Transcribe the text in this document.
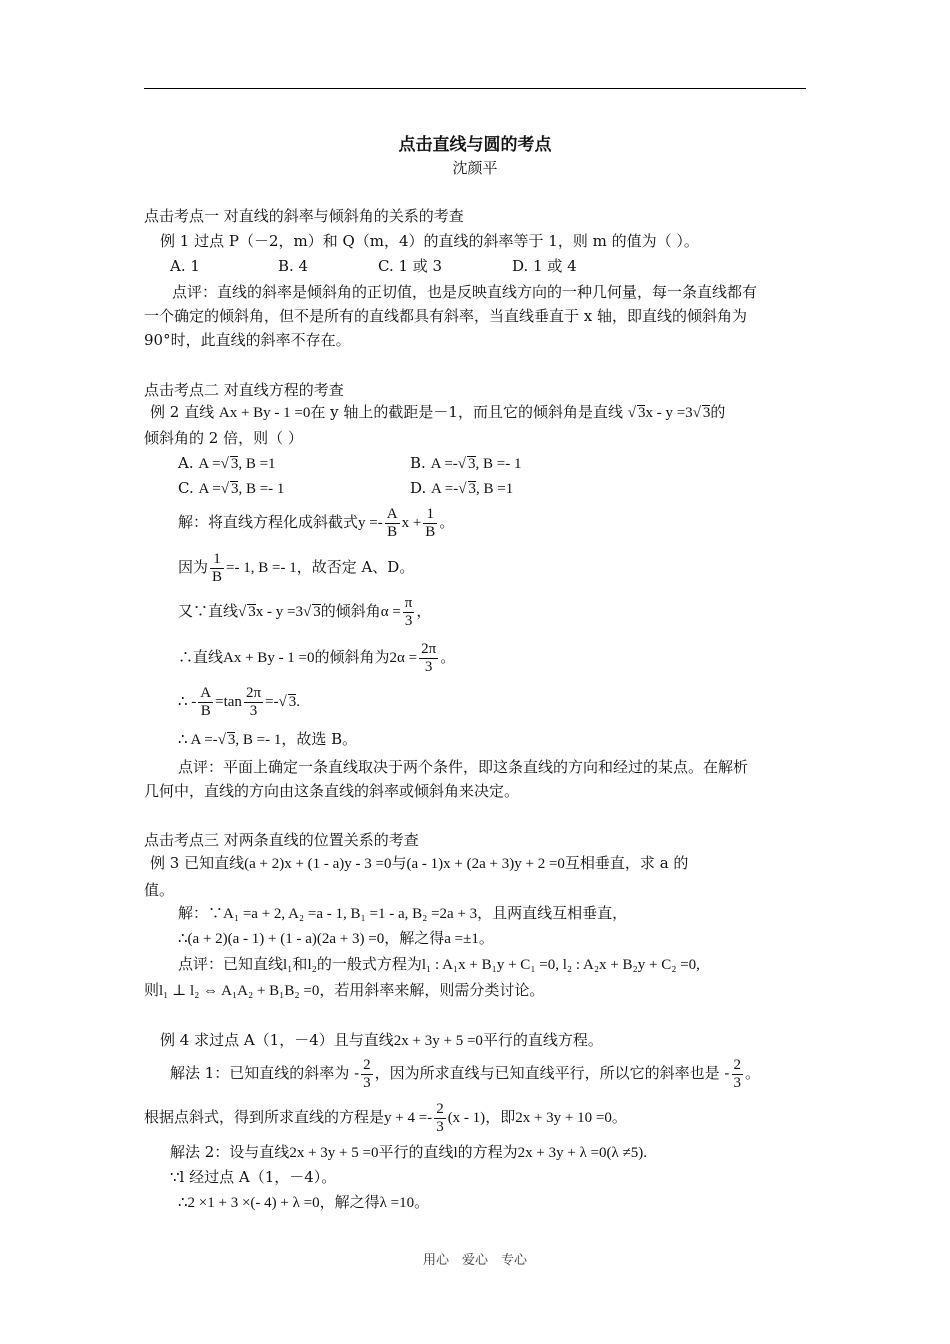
点击直线与圆的考点
沈颜平
点击考点一 对直线的斜率与倾斜角的关系的考查
例 1 过点 P（－2，m）和 Q（m，4）的直线的斜率等于 1，则 m 的值为（ ）。
A. 1	B. 4	C. 1 或 3	D. 1 或 4
点评：直线的斜率是倾斜角的正切值，也是反映直线方向的一种几何量，每一条直线都有
一个确定的倾斜角，但不是所有的直线都具有斜率，当直线垂直于 x 轴，即直线的倾斜角为
90°时，此直线的斜率不存在。
点击考点二 对直线方程的考查
例 2 直线 Ax + By - 1 =0在 y 轴上的截距是－1，而且它的倾斜角是直线 √ 3x - y =3√ 3的
倾斜角的 2 倍，则（ ）
A. A =√ 3, B =1	B. A =-√ 3, B =- 1
C. A =√ 3, B =- 1	D. A =-√ 3, B =1
解：将直线方程化成斜截式$y =- \frac{A}{B}$ $x + \frac{1}{B}$ 。
因为 $\frac{1}{B} =- 1$, B =- 1，故否定 A、D。
又∵直线√ 3x - y =3√ 3的倾斜角$\alpha = \frac{\pi}{3}$ ，
∴直线Ax + By - 1 =0的倾斜角为$2\alpha = \frac{2\pi}{3}$ 。
∴ - $\frac{A}{B} =\tan \frac{2\pi}{3}$ =-√ 3.
∴ A =-√ 3, B =- 1，故选 B。
点评：平面上确定一条直线取决于两个条件，即这条直线的方向和经过的某点。在解析
几何中，直线的方向由这条直线的斜率或倾斜角来决定。
点击考点三 对两条直线的位置关系的考查
例 3 已知直线(a + 2)x + (1 - a)y - 3 =0与(a - 1)x + (2a + 3)y + 2 =0互相垂直，求 a 的
值。
解：∵A₁ =a + 2, A₂ =a - 1, B₁ =1 - a, B₂ =2a + 3，且两直线互相垂直，
∴(a + 2)(a - 1) + (1 - a)(2a + 3) =0，解之得a =±1。
点评：已知直线l₁和l₂的一般式方程为l₁ : A₁x + B₁y + C₁ =0, l₂ : A₂x + B₂y + C₂ =0,
则l₁ ⊥ l₂ ⇔ A₁A₂ + B₁B₂ =0，若用斜率来解，则需分类讨论。
例 4 求过点 A（1，－4）且与直线2x + 3y + 5 =0平行的直线方程。
解法 1：已知直线的斜率为 - $\frac{2}{3}$ ，因为所求直线与已知直线平行，所以它的斜率也是 - $\frac{2}{3}$ 。
根据点斜式，得到所求直线的方程是$y + 4 =- \frac{2}{3} (x - 1)$，即2x + 3y + 10 =0。
解法 2：设与直线2x + 3y + 5 =0平行的直线l的方程为2x + 3y + λ =0(λ ≠5).
∵l 经过点 A（1，－4）。
∴2 ×1 + 3 ×(- 4) + λ =0，解之得λ =10。
用心　爱心　专心
